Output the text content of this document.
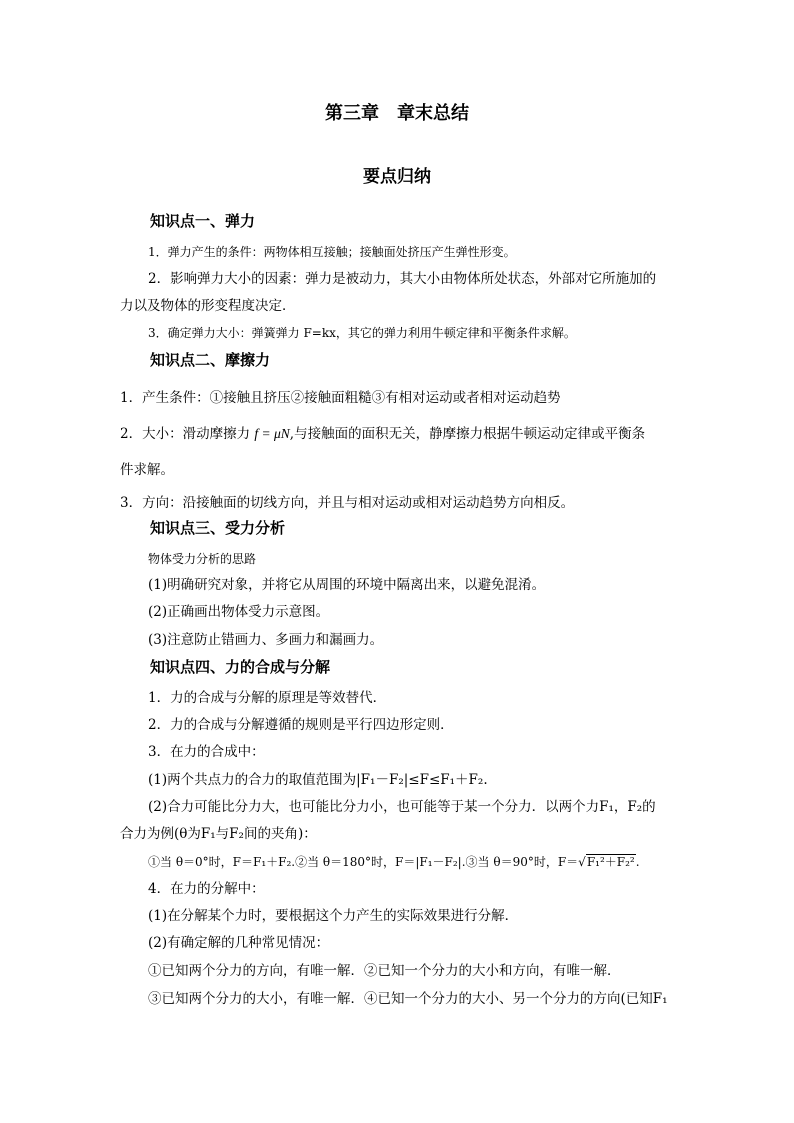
第三章　章末总结
要点归纳
知识点一、弹力
1．弹力产生的条件：两物体相互接触；接触面处挤压产生弹性形变。
2．影响弹力大小的因素：弹力是被动力，其大小由物体所处状态，外部对它所施加的
力以及物体的形变程度决定．
3．确定弹力大小：弹簧弹力 F=kx，其它的弹力利用牛顿定律和平衡条件求解。
知识点二、摩擦力
1．产生条件：①接触且挤压②接触面粗糙③有相对运动或者相对运动趋势
2．大小：滑动摩擦力 f = μN,与接触面的面积无关，静摩擦力根据牛顿运动定律或平衡条
件求解。
3．方向：沿接触面的切线方向，并且与相对运动或相对运动趋势方向相反。
知识点三、受力分析
物体受力分析的思路
(1)明确研究对象，并将它从周围的环境中隔离出来，以避免混淆。
(2)正确画出物体受力示意图。
(3)注意防止错画力、多画力和漏画力。
知识点四、力的合成与分解
1．力的合成与分解的原理是等效替代．
2．力的合成与分解遵循的规则是平行四边形定则．
3．在力的合成中：
(1)两个共点力的合力的取值范围为|F₁－F₂|≤F≤F₁＋F₂.
(2)合力可能比分力大，也可能比分力小，也可能等于某一个分力．以两个力F₁，F₂的
合力为例(θ为F₁与F₂间的夹角)：
①当 θ＝0°时，F＝F₁＋F₂.②当 θ＝180°时，F＝|F₁－F₂|.③当 θ＝90°时，F＝√F₁²＋F₂².
4．在力的分解中：
(1)在分解某个力时，要根据这个力产生的实际效果进行分解．
(2)有确定解的几种常见情况：
①已知两个分力的方向，有唯一解．②已知一个分力的大小和方向，有唯一解．
③已知两个分力的大小，有唯一解．④已知一个分力的大小、另一个分力的方向(已知F₁
